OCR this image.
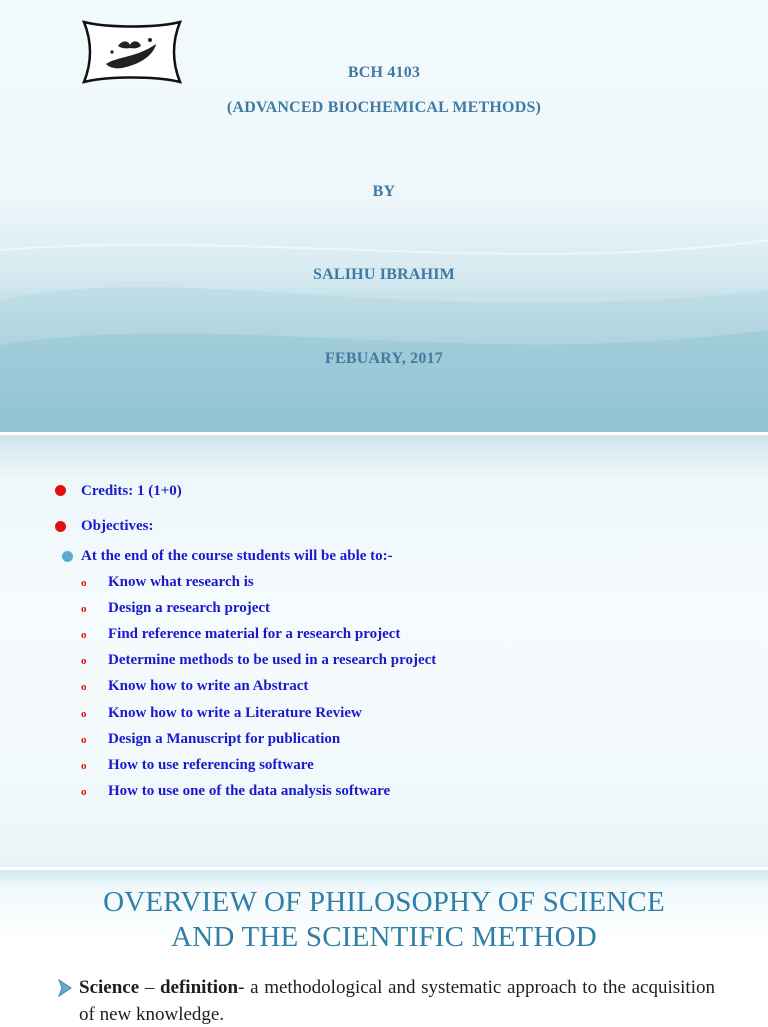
BCH 4103
(ADVANCED BIOCHEMICAL METHODS)
BY
SALIHU IBRAHIM
FEBUARY, 2017
Credits: 1 (1+0)
Objectives:
At the end of the course students will be able to:-
o Know what research is
o Design a research project
o Find reference material for a research project
o Determine methods to be used in a research project
o Know how to write an Abstract
o Know how to write a Literature Review
o Design a Manuscript for publication
o How to use referencing software
o How to use one of the data analysis software
OVERVIEW OF PHILOSOPHY OF SCIENCE
AND THE SCIENTIFIC METHOD
Science – definition- a methodological and systematic approach to the acquisition of new knowledge.
